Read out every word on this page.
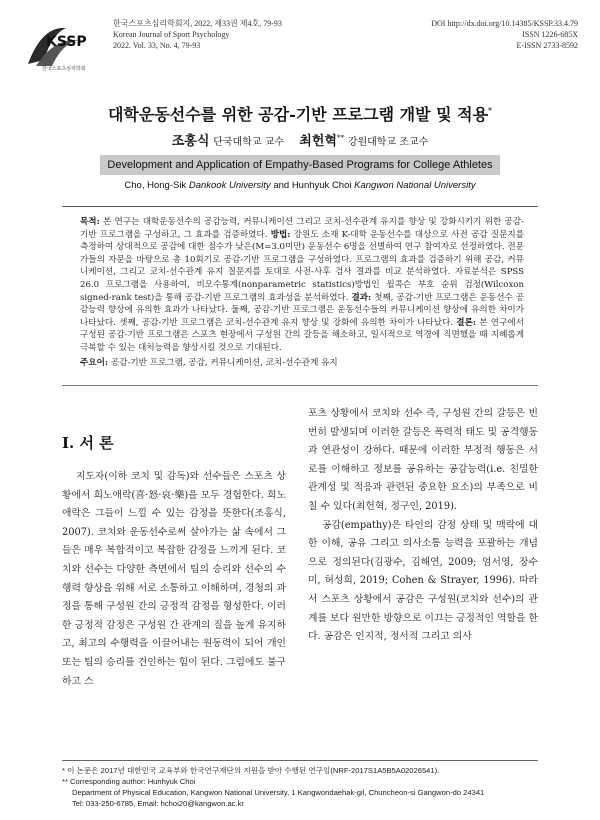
KSSP
한국스포츠심리학회
한국스포츠심리학회지, 2022, 제33권 제4호, 79-93
Korean Journal of Sport Psychology
2022. Vol. 33, No. 4, 79-93
DOI http://dx.doi.org/10.14385/KSSP.33.4.79
ISSN 1226-685X
E-ISSN 2733-8592
대학운동선수를 위한 공감-기반 프로그램 개발 및 적용*
조홍식 단국대학교 교수 최헌혁** 강원대학교 조교수
Development and Application of Empathy-Based Programs for College Athletes
Cho, Hong-Sik Dankook University and Hunhyuk Choi Kangwon National University
목적: 본 연구는 대학운동선수의 공감능력, 커뮤니케이션 그리고 코치-선수관계 유지를 향상 및 강화시키기 위한 공감-기반 프로그램을 구성하고, 그 효과를 검증하였다. 방법: 강원도 소재 K-대학 운동선수를 대상으로 사전 공감 질문지를 측정하여 상대적으로 공감에 대한 점수가 낮은(M=3.0미만) 운동선수 6명을 선별하여 연구 참여자로 선정하였다. 전문가들의 자문을 바탕으로 총 10회기로 공감-기반 프로그램을 구성하였다. 프로그램의 효과를 검증하기 위해 공감, 커뮤니케이션, 그리고 코치-선수관계 유지 질문지를 토대로 사전-사후 검사 결과를 비교 분석하였다. 자료분석은 SPSS 26.0 프로그램을 사용하여, 비모수통계(nonparametric statistics)방법인 윌콕슨 부호 순위 검정(Wilcoxon signed-rank test)을 통해 공감-기반 프로그램의 효과성을 분석하였다. 결과: 첫째, 공감-기반 프로그램은 운동선수 공감능력 향상에 유의한 효과가 나타났다. 둘째, 공감-기반 프로그램은 운동선수들의 커뮤니케이션 향상에 유의한 차이가 나타났다. 셋째, 공감-기반 프로그램은 코치-선수관계 유지 향상 및 강화에 유의한 차이가 나타났다. 결론: 본 연구에서 구성된 공감-기반 프로그램은 스포츠 현장에서 구성원 간의 갈등을 해소하고, 일시적으로 역경에 직면했을 때 지혜롭게 극복할 수 있는 대처능력을 향상시킬 것으로 기대된다.
주요어: 공감-기반 프로그램, 공감, 커뮤니케이션, 코치-선수관계 유지
I. 서 론

지도자(이하 코치 및 감독)와 선수들은 스포츠 상황에서 희노애락(喜·怒·哀·樂)을 모두 경험한다. 희노애락은 그들이 느낄 수 있는 감정을 뜻한다(조홍식, 2007). 코치와 운동선수로써 살아가는 삶 속에서 그들은 매우 복합적이고 복잡한 감정을 느끼게 된다. 코치와 선수는 다양한 측면에서 팀의 승리와 선수의 수행력 향상을 위해 서로 소통하고 이해하며, 경청의 과정을 통해 구성원 간의 긍정적 감정을 형성한다. 이러한 긍정적 감정은 구성원 간 관계의 질을 높게 유지하고, 최고의 수행력을 이끌어내는 원동력이 되어 개인 또는 팀의 승리를 견인하는 힘이 된다. 그럼에도 불구하고 스

포츠 상황에서 코치와 선수 즉, 구성원 간의 갈등은 빈번히 발생되며 이러한 갈등은 폭력적 태도 및 공격행동과 연관성이 강하다. 때문에 이러한 부정적 행동은 서로를 이해하고 정보를 공유하는 공감능력(i.e. 친밀한 관계성 및 적응과 관련된 중요한 요소)의 부족으로 비칠 수 있다(최헌혁, 정구인, 2019).

공감(empathy)은 타인의 감정 상태 및 맥락에 대한 이해, 공유 그리고 의사소통 능력을 포괄하는 개념으로 정의된다(김광수, 김해연, 2009; 엄서영, 장수미, 허성희, 2019; Cohen & Strayer, 1996). 따라서 스포츠 상황에서 공감은 구성원(코치와 선수)의 관계를 보다 원만한 방향으로 이끄는 긍정적인 역할을 한다. 공감은 인지적, 정서적 그리고 의사

* 이 논문은 2017년 대한민국 교육부와 한국연구재단의 지원을 받아 수행된 연구임(NRF-2017S1A5B5A02026541).
** Corresponding author: Hunhyuk Choi
Department of Physical Education, Kangwon National University, 1 Kangwondaehak-gil, Chuncheon-si Gangwon-do 24341
Tel: 033-250-6785, Email: hchoi20@kangwon.ac.kr
